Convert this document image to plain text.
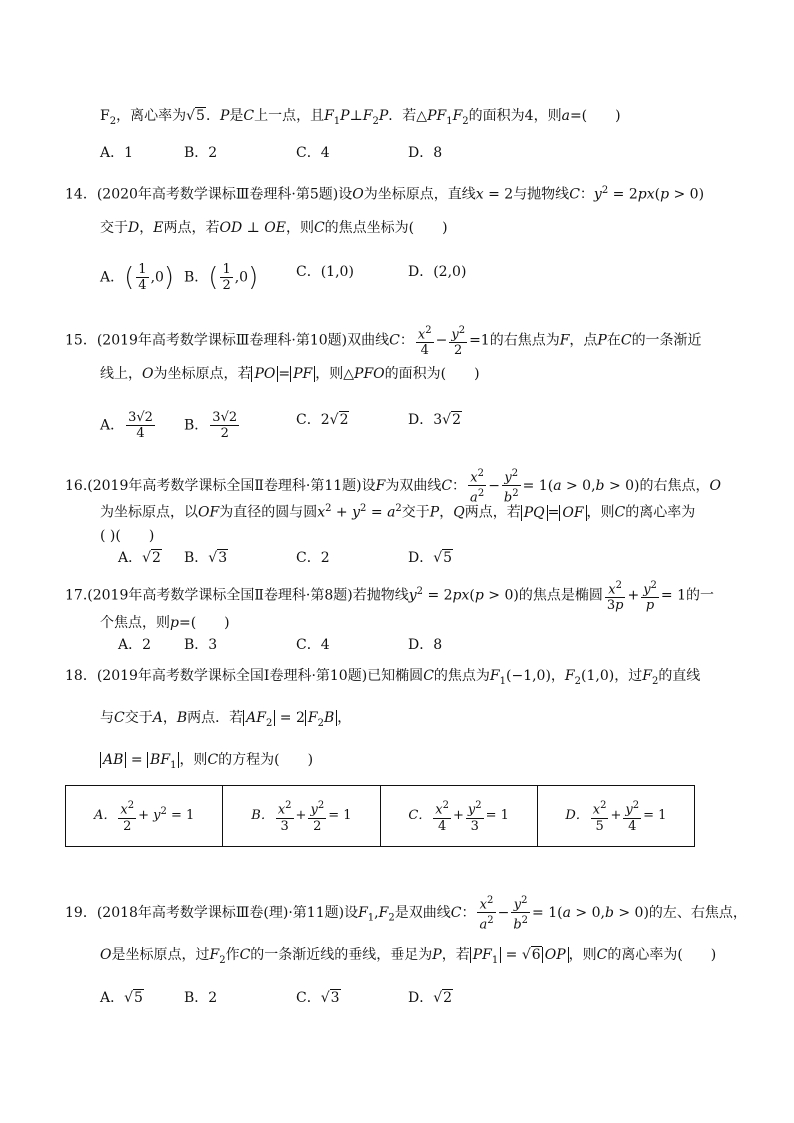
$F_2$，离心率为√5．P是C上一点，且$F_1P\perp F_2P$．若$\triangle PF_1F_2$的面积为4，则a=(　　)
A．1	B．2	C．4	D．8
14．(2020年高考数学课标Ⅲ卷理科·第5题)设O为坐标原点，直线x = 2与抛物线C：$y^2 = 2px(p > 0)$
交于D，E两点，若OD ⊥ OE，则C的焦点坐标为(　　)
A．( $\frac{1}{4} ,0$) B．( $\frac{1}{2} ,0$)	C．(1,0)	D．(2,0)
15．(2019年高考数学课标Ⅲ卷理科·第10题)双曲线C： $\frac{x^2}{4} - \frac{y^2}{2} =1$的右焦点为F，点P在C的一条渐近
线上，O为坐标原点，若 PO = PF ，则△PFO的面积为(　　)
A． $\frac{3√2}{4}$ B． $\frac{3√2}{2}$	C．2√2	D．3√2
16.(2019年高考数学课标全国Ⅱ卷理科·第11题)设F为双曲线C： $\frac{x^2}{a^2} - \frac{y^2}{b^2} = 1(a > 0,b > 0)$的右焦点，O
为坐标原点，以OF为直径的圆与圆$x^2 + y^2 = a^2$交于P，Q两点，若 PQ = OF ，则C的离心率为
( )(　　)
A．√2 B．√3	C．2	D．√5
17.(2019年高考数学课标全国Ⅱ卷理科·第8题)若抛物线$y^2 = 2px(p > 0)$的焦点是椭圆 $\frac{x^2}{3p} + \frac{y^2}{p} = 1$的一
个焦点，则p=(　　)
A．2 B．3	C．4	D．8
18．(2019年高考数学课标全国Ⅰ卷理科·第10题)已知椭圆C的焦点为$F_1(-1,0)$，$F_2(1,0)$，过$F_2$的直线
与C交于A，B两点．若 $AF_2 = 2$ $F_2B$ ，
AB = $BF_1$ ，则C的方程为(　　)
A． $\frac{x^2}{2} + y^2 = 1$	B． $\frac{x^2}{3} + \frac{y^2}{2} = 1$	C． $\frac{x^2}{4} + \frac{y^2}{3} = 1$	D． $\frac{x^2}{5} + \frac{y^2}{4} = 1$
19．(2018年高考数学课标Ⅲ卷(理)·第11题)设$F_1,F_2$是双曲线C： $\frac{x^2}{a^2} - \frac{y^2}{b^2} = 1(a > 0,b > 0)$的左、右焦点，
O是坐标原点，过$F_2$作C的一条渐近线的垂线，垂足为P，若 $PF_1 = √6$ OP ，则C的离心率为(　　)
A．√5	B．2	C．√3	D．√2
